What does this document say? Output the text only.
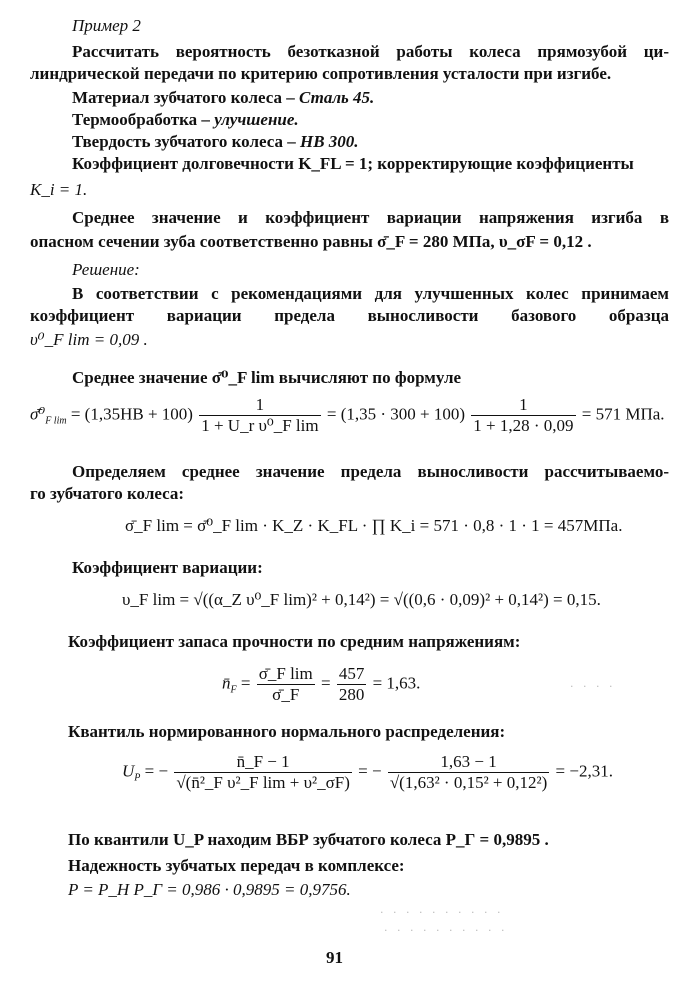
Пример 2
Рассчитать вероятность безотказной работы колеса прямозубой ци-
линдрической передачи по критерию сопротивления усталости при изгибе.
Материал зубчатого колеса – Сталь 45.
Термообработка – улучшение.
Твердость зубчатого колеса – НВ 300.
Коэффициент долговечности K_FL = 1; корректирующие коэффициенты
K_i = 1.
Среднее значение и коэффициент вариации напряжения изгиба в
опасном сечении зуба соответственно равны σ̄_F = 280 МПа, υ_σF = 0,12 .
Решение:
В соответствии с рекомендациями для улучшенных колес принимаем
коэффициент вариации предела выносливости базового образца
υ⁰_F lim = 0,09 .
Среднее значение σ̄⁰_F lim вычисляют по формуле
$\sigmā^0_{F lim} = (1,35HB + 100) \frac{1}{\text{1 + U\_r υ⁰\_F lim}} = (1,35 \cdot 300 + 100) \frac{1}{1 + 1,28 \cdot 0,09} = 571$ МПа.
Определяем среднее значение предела выносливости рассчитываемо-
го зубчатого колеса:
σ̄_F lim = σ̄⁰_F lim · K_Z · K_FL · ∏ K_i = 571 · 0,8 · 1 · 1 = 457МПа.
Коэффициент вариации:
υ_F lim = √((α_Z υ⁰_F lim)² + 0,14²) = √((0,6 · 0,09)² + 0,14²) = 0,15.
Коэффициент запаса прочности по средним напряжениям:
$n̄_F = \frac{\text{σ̄\_F lim}}{\sigmā\_F} = \frac{457}{280} = 1,63$.
Квантиль нормированного нормального распределения:
$U_P$ = − $\frac{n̄\_F - 1}{\text{√(n̄²\_F υ²\_F lim + υ²\_σF)}}$ = − $\frac{1,63 - 1}{\text{√(1,63² · 0,15² + 0,12²)}} = -2,31$.
По квантили U_P находим ВБР зубчатого колеса P_Г = 0,9895 .
Надежность зубчатых передач в комплексе:
P = P_H P_Г = 0,986 · 0,9895 = 0,9756.
· · · · · · · · · ·
· · · · · · · · · ·
· · · ·
91
